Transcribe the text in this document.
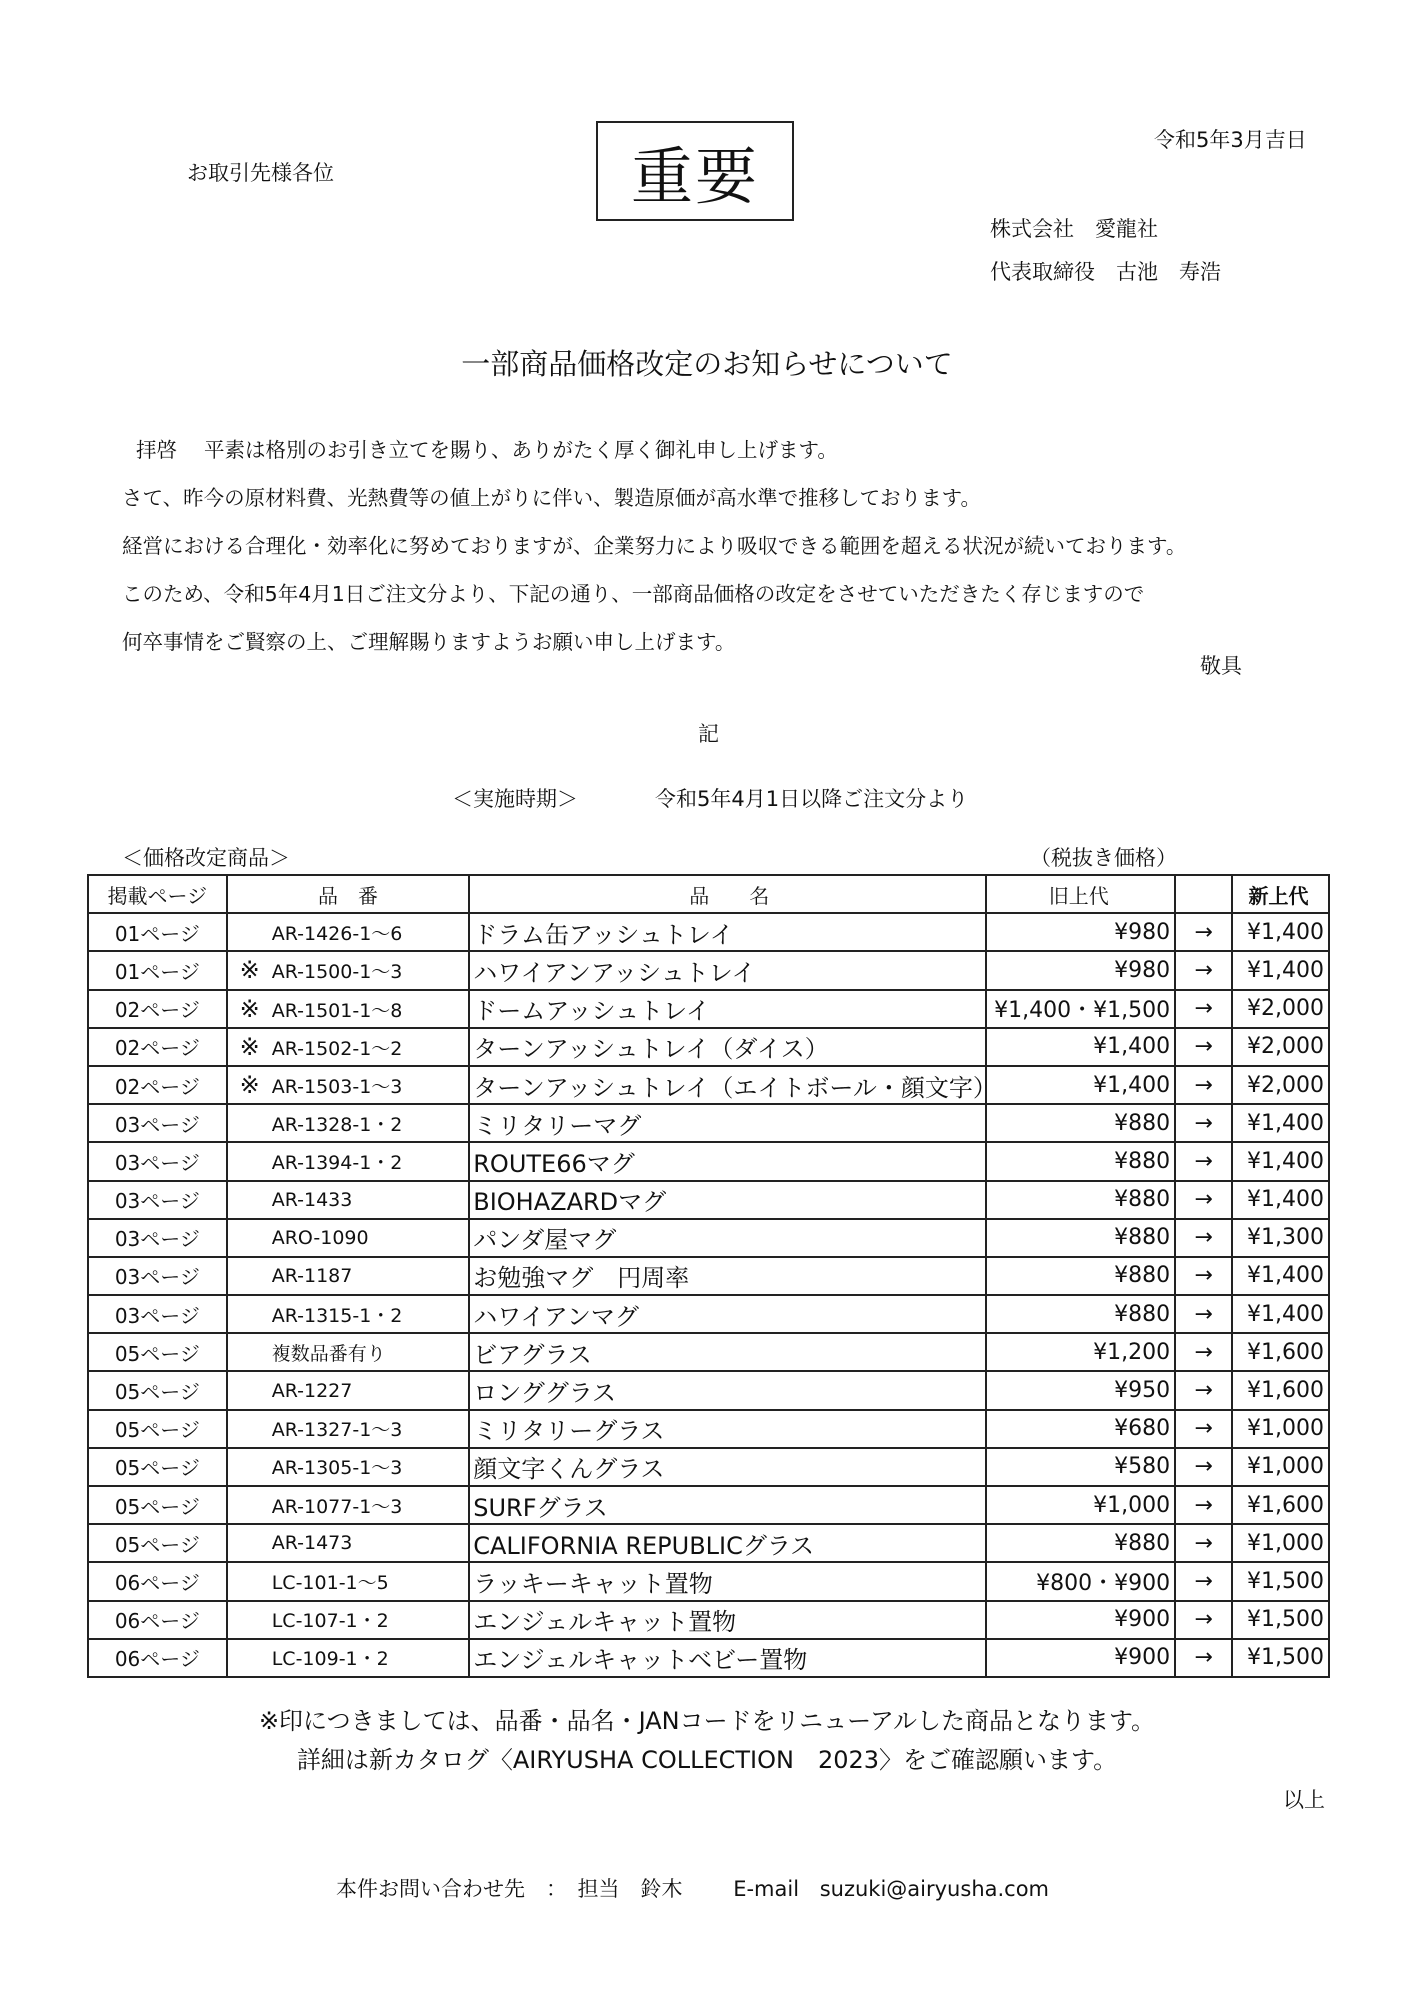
お取引先様各位	重要	令和5年3月吉日
株式会社　愛龍社
代表取締役　古池　寿浩
一部商品価格改定のお知らせについて
拝啓　 平素は格別のお引き立てを賜り、ありがたく厚く御礼申し上げます。
さて、昨今の原材料費、光熱費等の値上がりに伴い、製造原価が高水準で推移しております。
経営における合理化・効率化に努めておりますが、企業努力により吸収できる範囲を超える状況が続いております。
このため、令和5年4月1日ご注文分より、下記の通り、一部商品価格の改定をさせていただきたく存じますので
何卒事情をご賢察の上、ご理解賜りますようお願い申し上げます。
敬具
記
＜実施時期＞	令和5年4月1日以降ご注文分より
＜価格改定商品＞	（税抜き価格）
掲載ページ	品　番	品　　名	旧上代		新上代
01ページ	AR-1426-1～6	ドラム缶アッシュトレイ	¥980	→	¥1,400
01ページ	※ AR-1500-1～3	ハワイアンアッシュトレイ	¥980	→	¥1,400
02ページ	※ AR-1501-1～8	ドームアッシュトレイ	¥1,400・¥1,500	→	¥2,000
02ページ	※ AR-1502-1～2	ターンアッシュトレイ（ダイス）	¥1,400	→	¥2,000
02ページ	※ AR-1503-1～3	ターンアッシュトレイ（エイトボール・顔文字）	¥1,400	→	¥2,000
03ページ	AR-1328-1・2	ミリタリーマグ	¥880	→	¥1,400
03ページ	AR-1394-1・2	ROUTE66マグ	¥880	→	¥1,400
03ページ	AR-1433	BIOHAZARDマグ	¥880	→	¥1,400
03ページ	ARO-1090	パンダ屋マグ	¥880	→	¥1,300
03ページ	AR-1187	お勉強マグ　円周率	¥880	→	¥1,400
03ページ	AR-1315-1・2	ハワイアンマグ	¥880	→	¥1,400
05ページ	複数品番有り	ビアグラス	¥1,200	→	¥1,600
05ページ	AR-1227	ロンググラス	¥950	→	¥1,600
05ページ	AR-1327-1～3	ミリタリーグラス	¥680	→	¥1,000
05ページ	AR-1305-1～3	顔文字くんグラス	¥580	→	¥1,000
05ページ	AR-1077-1～3	SURFグラス	¥1,000	→	¥1,600
05ページ	AR-1473	CALIFORNIA REPUBLICグラス	¥880	→	¥1,000
06ページ	LC-101-1～5	ラッキーキャット置物	¥800・¥900	→	¥1,500
06ページ	LC-107-1・2	エンジェルキャット置物	¥900	→	¥1,500
06ページ	LC-109-1・2	エンジェルキャットベビー置物	¥900	→	¥1,500
※印につきましては、品番・品名・JANコードをリニューアルした商品となります。
詳細は新カタログ〈AIRYUSHA COLLECTION　2023〉をご確認願います。
以上
本件お問い合わせ先　：　担当　鈴木 E-mail suzuki@airyusha.com
